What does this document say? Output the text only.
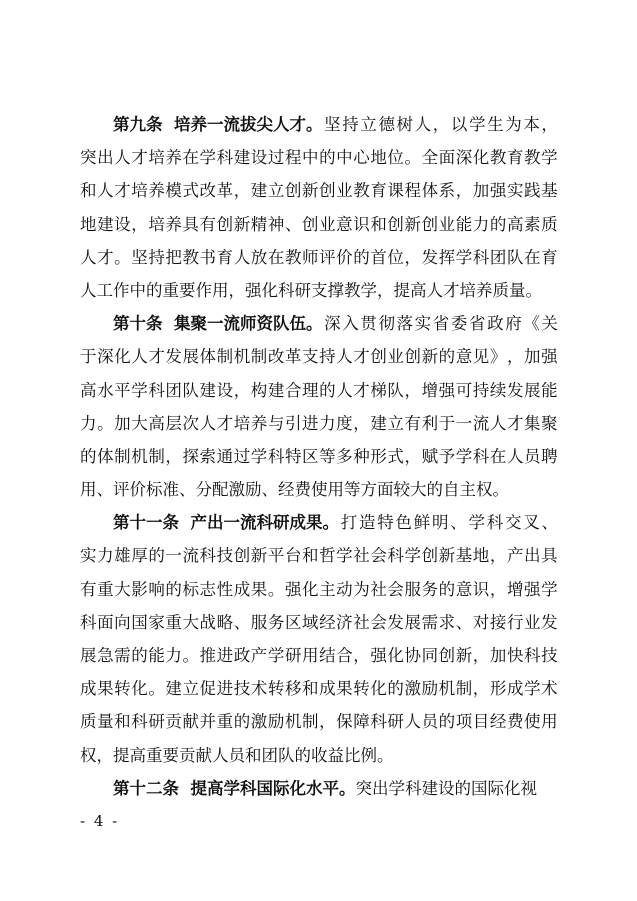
第九条  培养一流拔尖人才。 坚 持 立 德 树 人 ， 以 学 生 为 本 ，
突 出 人 才 培 养 在 学 科 建 设 过 程 中 的 中 心 地 位 。 全 面 深 化 教 育 教 学
和 人 才 培 养 模 式 改 革 ， 建 立 创 新 创 业 教 育 课 程 体 系 ， 加 强 实 践 基
地 建 设 ， 培 养 具 有 创 新 精 神 、 创 业 意 识 和 创 新 创 业 能 力 的 高 素 质
人 才 。 坚 持 把 教 书 育 人 放 在 教 师 评 价 的 首 位 ， 发 挥 学 科 团 队 在 育
人工作中的重要作用，强化科研支撑教学，提高人才培养质量。
第十条  集聚一流师资队伍。 深 入 贯 彻 落 实 省 委 省 政 府 《 关
于 深 化 人 才 发 展 体 制 机 制 改 革 支 持 人 才 创 业 创 新 的 意 见 》 ， 加 强
高 水 平 学 科 团 队 建 设 ， 构 建 合 理 的 人 才 梯 队 ， 增 强 可 持 续 发 展 能
力 。 加 大 高 层 次 人 才 培 养 与 引 进 力 度 ， 建 立 有 利 于 一 流 人 才 集 聚
的 体 制 机 制 ， 探 索 通 过 学 科 特 区 等 多 种 形 式 ， 赋 予 学 科 在 人 员 聘
用、评价标准、分配激励、经费使用等方面较大的自主权。
第十一条  产出一流科研成果。 打 造 特 色 鲜 明 、 学 科 交 叉 、
实 力 雄 厚 的 一 流 科 技 创 新 平 台 和 哲 学 社 会 科 学 创 新 基 地 ， 产 出 具
有 重 大 影 响 的 标 志 性 成 果 。 强 化 主 动 为 社 会 服 务 的 意 识 ， 增 强 学
科 面 向 国 家 重 大 战 略 、 服 务 区 域 经 济 社 会 发 展 需 求 、 对 接 行 业 发
展 急 需 的 能 力 。 推 进 政 产 学 研 用 结 合 ， 强 化 协 同 创 新 ， 加 快 科 技
成 果 转 化 。 建 立 促 进 技 术 转 移 和 成 果 转 化 的 激 励 机 制 ， 形 成 学 术
质 量 和 科 研 贡 献 并 重 的 激 励 机 制 ， 保 障 科 研 人 员 的 项 目 经 费 使 用
权，提高重要贡献人员和团队的收益比例。
第十二条  提高学科国际化水平。 突出学科建设的国际化视
- 4 -
